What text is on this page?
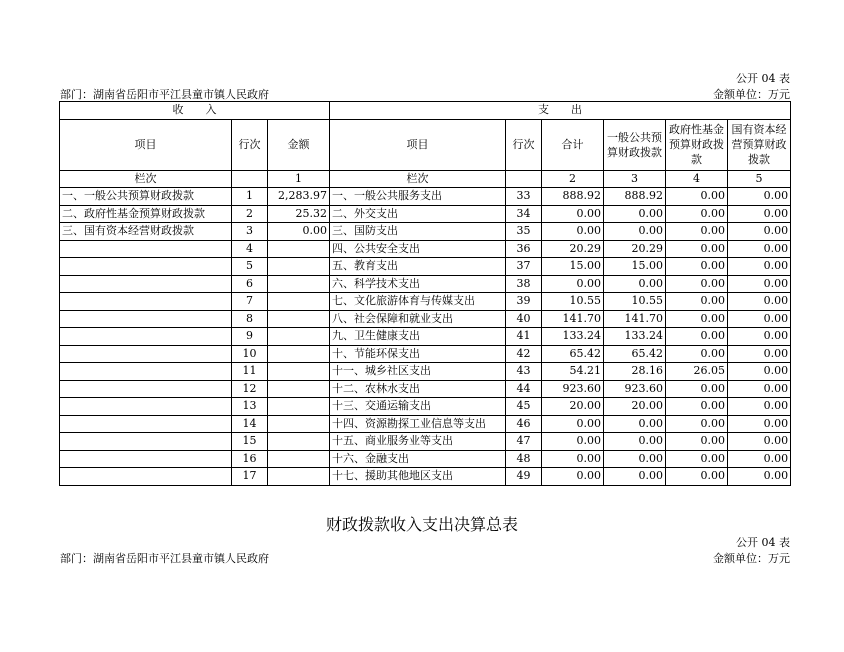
公开 04 表
部门：湖南省岳阳市平江县童市镇人民政府	金额单位：万元
收　　入			支　　出					
项目	行次	金额	项目	行次	合计	一般公共预算财政拨款	政府性基金预算财政拨款	国有资本经营预算财政拨款
栏次		1	栏次		2	3	4	5
一、一般公共预算财政拨款	1	2,283.97	一、一般公共服务支出	33	888.92	888.92	0.00	0.00
二、政府性基金预算财政拨款	2	25.32	二、外交支出	34	0.00	0.00	0.00	0.00
三、国有资本经营财政拨款	3	0.00	三、国防支出	35	0.00	0.00	0.00	0.00
	4		四、公共安全支出	36	20.29	20.29	0.00	0.00
	5		五、教育支出	37	15.00	15.00	0.00	0.00
	6		六、科学技术支出	38	0.00	0.00	0.00	0.00
	7		七、文化旅游体育与传媒支出	39	10.55	10.55	0.00	0.00
	8		八、社会保障和就业支出	40	141.70	141.70	0.00	0.00
	9		九、卫生健康支出	41	133.24	133.24	0.00	0.00
	10		十、节能环保支出	42	65.42	65.42	0.00	0.00
	11		十一、城乡社区支出	43	54.21	28.16	26.05	0.00
	12		十二、农林水支出	44	923.60	923.60	0.00	0.00
	13		十三、交通运输支出	45	20.00	20.00	0.00	0.00
	14		十四、资源勘探工业信息等支出	46	0.00	0.00	0.00	0.00
	15		十五、商业服务业等支出	47	0.00	0.00	0.00	0.00
	16		十六、金融支出	48	0.00	0.00	0.00	0.00
	17		十七、援助其他地区支出	49	0.00	0.00	0.00	0.00
财政拨款收入支出决算总表
公开 04 表
部门：湖南省岳阳市平江县童市镇人民政府	金额单位：万元
